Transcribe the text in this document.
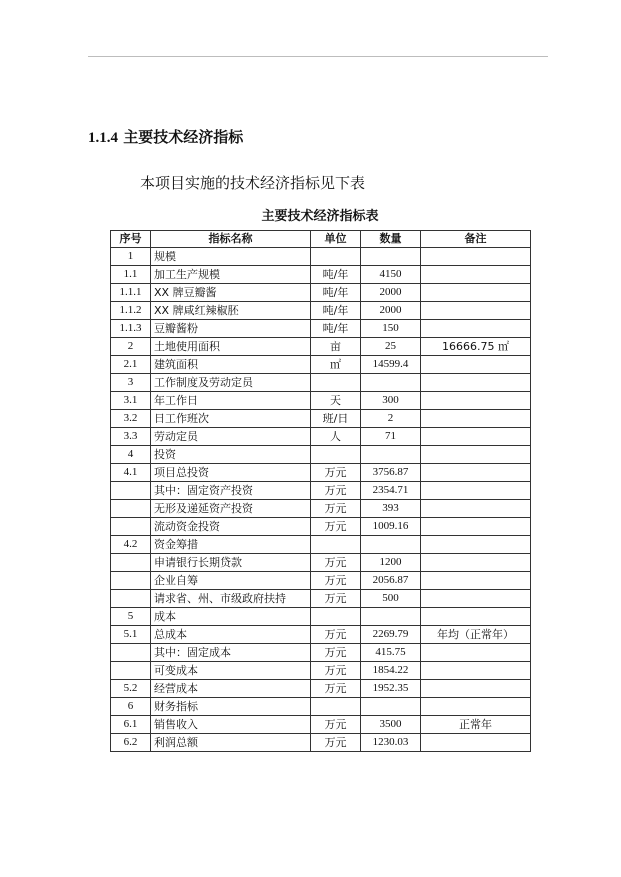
1.1.4 主要技术经济指标
本项目实施的技术经济指标见下表
主要技术经济指标表
序号	指标名称	单位	数量	备注
1	规模			
1.1	加工生产规模	吨/年	4150	
1.1.1	XX 牌豆瓣酱	吨/年	2000	
1.1.2	XX 牌咸红辣椒胚	吨/年	2000	
1.1.3	豆瓣酱粉	吨/年	150	
2	土地使用面积	亩	25	16666.75 ㎡
2.1	建筑面积	㎡	14599.4	
3	工作制度及劳动定员			
3.1	年工作日	天	300	
3.2	日工作班次	班/日	2	
3.3	劳动定员	人	71	
4	投资			
4.1	项目总投资	万元	3756.87	
	其中：固定资产投资	万元	2354.71	
	无形及递延资产投资	万元	393	
	流动资金投资	万元	1009.16	
4.2	资金筹措			
	申请银行长期贷款	万元	1200	
	企业自筹	万元	2056.87	
	请求省、州、市级政府扶持	万元	500	
5	成本			
5.1	总成本	万元	2269.79	年均（正常年）
	其中：固定成本	万元	415.75	
	可变成本	万元	1854.22	
5.2	经营成本	万元	1952.35	
6	财务指标			
6.1	销售收入	万元	3500	正常年
6.2	利润总额	万元	1230.03	
